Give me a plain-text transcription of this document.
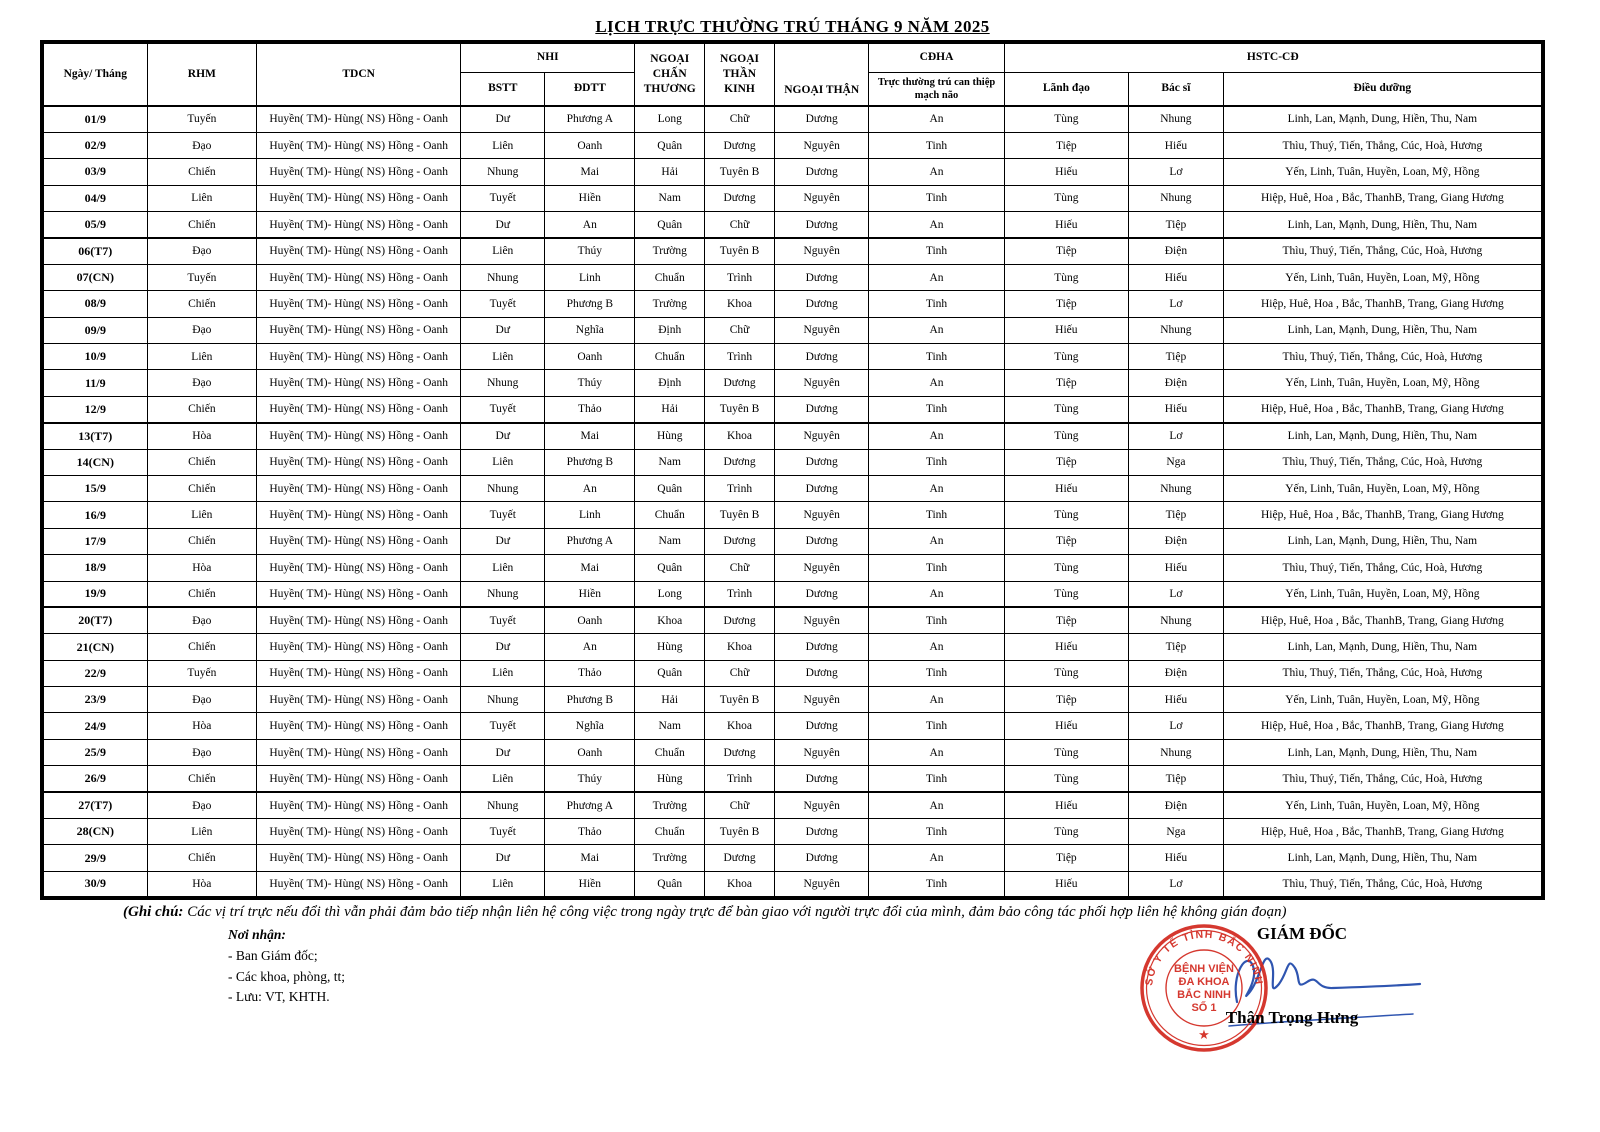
LỊCH TRỰC THƯỜNG TRÚ THÁNG 9 NĂM 2025
Ngày/ Tháng	RHM	TDCN	NHI		NGOẠI CHẤN THƯƠNG	NGOẠI THẦN KINH	NGOẠI THẬN	CĐHA	HSTC-CĐ		
			BSTT	ĐDTT				Trực thường trú can thiệp mạch não	Lãnh đạo	Bác sĩ	Điều dưỡng
01/9	Tuyến	Huyền( TM)- Hùng( NS) Hồng - Oanh	Dư	Phương A	Long	Chữ	Dương	An	Tùng	Nhung	Linh, Lan, Mạnh, Dung, Hiền, Thu, Nam
02/9	Đạo	Huyền( TM)- Hùng( NS) Hồng - Oanh	Liên	Oanh	Quân	Dương	Nguyên	Tinh	Tiệp	Hiếu	Thìu, Thuý, Tiến, Thắng, Cúc, Hoà, Hương
03/9	Chiến	Huyền( TM)- Hùng( NS) Hồng - Oanh	Nhung	Mai	Hải	Tuyên B	Dương	An	Hiếu	Lơ	Yến, Linh, Tuân, Huyền, Loan, Mỹ, Hồng
04/9	Liên	Huyền( TM)- Hùng( NS) Hồng - Oanh	Tuyết	Hiền	Nam	Dương	Nguyên	Tinh	Tùng	Nhung	Hiệp, Huê, Hoa , Bắc, ThanhB, Trang, Giang Hương
05/9	Chiến	Huyền( TM)- Hùng( NS) Hồng - Oanh	Dư	An	Quân	Chữ	Dương	An	Hiếu	Tiệp	Linh, Lan, Mạnh, Dung, Hiền, Thu, Nam
06(T7)	Đạo	Huyền( TM)- Hùng( NS) Hồng - Oanh	Liên	Thúy	Trường	Tuyên B	Nguyên	Tinh	Tiệp	Điện	Thìu, Thuý, Tiến, Thắng, Cúc, Hoà, Hương
07(CN)	Tuyến	Huyền( TM)- Hùng( NS) Hồng - Oanh	Nhung	Linh	Chuẩn	Trình	Dương	An	Tùng	Hiếu	Yến, Linh, Tuân, Huyền, Loan, Mỹ, Hồng
08/9	Chiến	Huyền( TM)- Hùng( NS) Hồng - Oanh	Tuyết	Phương B	Trường	Khoa	Dương	Tinh	Tiệp	Lơ	Hiệp, Huê, Hoa , Bắc, ThanhB, Trang, Giang Hương
09/9	Đạo	Huyền( TM)- Hùng( NS) Hồng - Oanh	Dư	Nghĩa	Định	Chữ	Nguyên	An	Hiếu	Nhung	Linh, Lan, Mạnh, Dung, Hiền, Thu, Nam
10/9	Liên	Huyền( TM)- Hùng( NS) Hồng - Oanh	Liên	Oanh	Chuẩn	Trình	Dương	Tinh	Tùng	Tiệp	Thìu, Thuý, Tiến, Thắng, Cúc, Hoà, Hương
11/9	Đạo	Huyền( TM)- Hùng( NS) Hồng - Oanh	Nhung	Thúy	Định	Dương	Nguyên	An	Tiệp	Điện	Yến, Linh, Tuân, Huyền, Loan, Mỹ, Hồng
12/9	Chiến	Huyền( TM)- Hùng( NS) Hồng - Oanh	Tuyết	Thảo	Hải	Tuyên B	Dương	Tinh	Tùng	Hiếu	Hiệp, Huê, Hoa , Bắc, ThanhB, Trang, Giang Hương
13(T7)	Hòa	Huyền( TM)- Hùng( NS) Hồng - Oanh	Dư	Mai	Hùng	Khoa	Nguyên	An	Tùng	Lơ	Linh, Lan, Mạnh, Dung, Hiền, Thu, Nam
14(CN)	Chiến	Huyền( TM)- Hùng( NS) Hồng - Oanh	Liên	Phương B	Nam	Dương	Dương	Tinh	Tiệp	Nga	Thìu, Thuý, Tiến, Thắng, Cúc, Hoà, Hương
15/9	Chiến	Huyền( TM)- Hùng( NS) Hồng - Oanh	Nhung	An	Quân	Trình	Dương	An	Hiếu	Nhung	Yến, Linh, Tuân, Huyền, Loan, Mỹ, Hồng
16/9	Liên	Huyền( TM)- Hùng( NS) Hồng - Oanh	Tuyết	Linh	Chuẩn	Tuyên B	Nguyên	Tinh	Tùng	Tiệp	Hiệp, Huê, Hoa , Bắc, ThanhB, Trang, Giang Hương
17/9	Chiến	Huyền( TM)- Hùng( NS) Hồng - Oanh	Dư	Phương A	Nam	Dương	Dương	An	Tiệp	Điện	Linh, Lan, Mạnh, Dung, Hiền, Thu, Nam
18/9	Hòa	Huyền( TM)- Hùng( NS) Hồng - Oanh	Liên	Mai	Quân	Chữ	Nguyên	Tinh	Tùng	Hiếu	Thìu, Thuý, Tiến, Thắng, Cúc, Hoà, Hương
19/9	Chiến	Huyền( TM)- Hùng( NS) Hồng - Oanh	Nhung	Hiền	Long	Trình	Dương	An	Tùng	Lơ	Yến, Linh, Tuân, Huyền, Loan, Mỹ, Hồng
20(T7)	Đạo	Huyền( TM)- Hùng( NS) Hồng - Oanh	Tuyết	Oanh	Khoa	Dương	Nguyên	Tinh	Tiệp	Nhung	Hiệp, Huê, Hoa , Bắc, ThanhB, Trang, Giang Hương
21(CN)	Chiến	Huyền( TM)- Hùng( NS) Hồng - Oanh	Dư	An	Hùng	Khoa	Dương	An	Hiếu	Tiệp	Linh, Lan, Mạnh, Dung, Hiền, Thu, Nam
22/9	Tuyến	Huyền( TM)- Hùng( NS) Hồng - Oanh	Liên	Thảo	Quân	Chữ	Dương	Tinh	Tùng	Điện	Thìu, Thuý, Tiến, Thắng, Cúc, Hoà, Hương
23/9	Đạo	Huyền( TM)- Hùng( NS) Hồng - Oanh	Nhung	Phương B	Hải	Tuyên B	Nguyên	An	Tiệp	Hiếu	Yến, Linh, Tuân, Huyền, Loan, Mỹ, Hồng
24/9	Hòa	Huyền( TM)- Hùng( NS) Hồng - Oanh	Tuyết	Nghĩa	Nam	Khoa	Dương	Tinh	Hiếu	Lơ	Hiệp, Huê, Hoa , Bắc, ThanhB, Trang, Giang Hương
25/9	Đạo	Huyền( TM)- Hùng( NS) Hồng - Oanh	Dư	Oanh	Chuẩn	Dương	Nguyên	An	Tùng	Nhung	Linh, Lan, Mạnh, Dung, Hiền, Thu, Nam
26/9	Chiến	Huyền( TM)- Hùng( NS) Hồng - Oanh	Liên	Thúy	Hùng	Trình	Dương	Tinh	Tùng	Tiệp	Thìu, Thuý, Tiến, Thắng, Cúc, Hoà, Hương
27(T7)	Đạo	Huyền( TM)- Hùng( NS) Hồng - Oanh	Nhung	Phương A	Trường	Chữ	Nguyên	An	Hiếu	Điện	Yến, Linh, Tuân, Huyền, Loan, Mỹ, Hồng
28(CN)	Liên	Huyền( TM)- Hùng( NS) Hồng - Oanh	Tuyết	Thảo	Chuẩn	Tuyên B	Dương	Tinh	Tùng	Nga	Hiệp, Huê, Hoa , Bắc, ThanhB, Trang, Giang Hương
29/9	Chiến	Huyền( TM)- Hùng( NS) Hồng - Oanh	Dư	Mai	Trường	Dương	Dương	An	Tiệp	Hiếu	Linh, Lan, Mạnh, Dung, Hiền, Thu, Nam
30/9	Hòa	Huyền( TM)- Hùng( NS) Hồng - Oanh	Liên	Hiền	Quân	Khoa	Nguyên	Tinh	Hiếu	Lơ	Thìu, Thuý, Tiến, Thắng, Cúc, Hoà, Hương
(Ghi chú: Các vị trí trực nếu đổi thì vẫn phải đảm bảo tiếp nhận liên hệ công việc trong ngày trực để bàn giao với người trực đổi của mình, đảm bảo công tác phối hợp liên hệ không gián đoạn)
Nơi nhận:
- Ban Giám đốc;
- Các khoa, phòng, tt;
- Lưu: VT, KHTH.
GIÁM ĐỐC
SỞ Y TẾ TỈNH BẮC NINH
BỆNH VIỆN
ĐA KHOA
BẮC NINH
SỐ 1
★
Thân Trọng Hưng
